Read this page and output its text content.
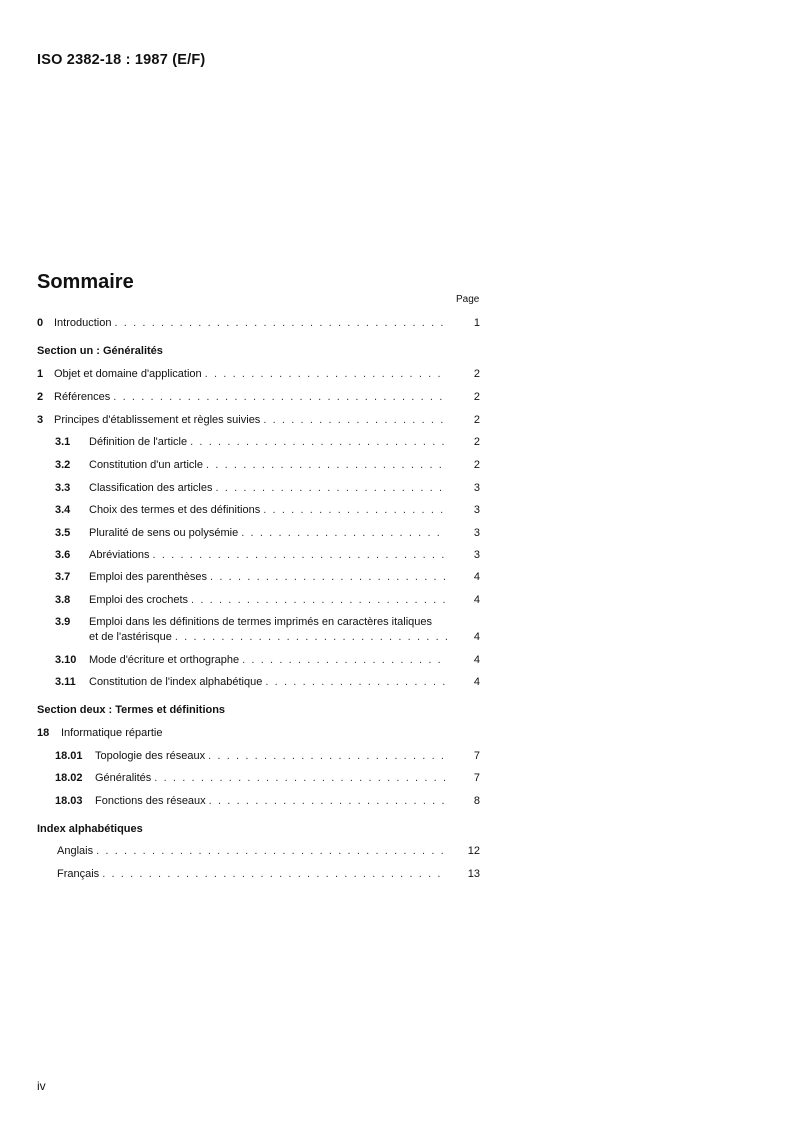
ISO 2382-18 : 1987 (E/F)
Sommaire
Page
0 Introduction . . .	1
Section un : Généralités
1 Objet et domaine d'application . . .	2
2 Références . . .	2
3 Principes d'établissement et règles suivies . . .	2
3.1	Définition de l'article . . .	2
3.2	Constitution d'un article . . .	2
3.3	Classification des articles . . .	3
3.4	Choix des termes et des définitions . . .	3
3.5	Pluralité de sens ou polysémie . . .	3
3.6	Abréviations . . .	3
3.7	Emploi des parenthèses . . .	4
3.8	Emploi des crochets . . .	4
3.9 Emploi dans les définitions de termes imprimés en caractères italiques
et de l'astérisque . . .	4
3.10	Mode d'écriture et orthographe . . .	4
3.11	Constitution de l'index alphabétique . . .	4
Section deux : Termes et définitions
18 Informatique répartie
18.01	Topologie des réseaux . . .	7
18.02	Généralités . . .	7
18.03	Fonctions des réseaux . . .	8
Index alphabétiques
Anglais . . .	12
Français . . .	13
iv
